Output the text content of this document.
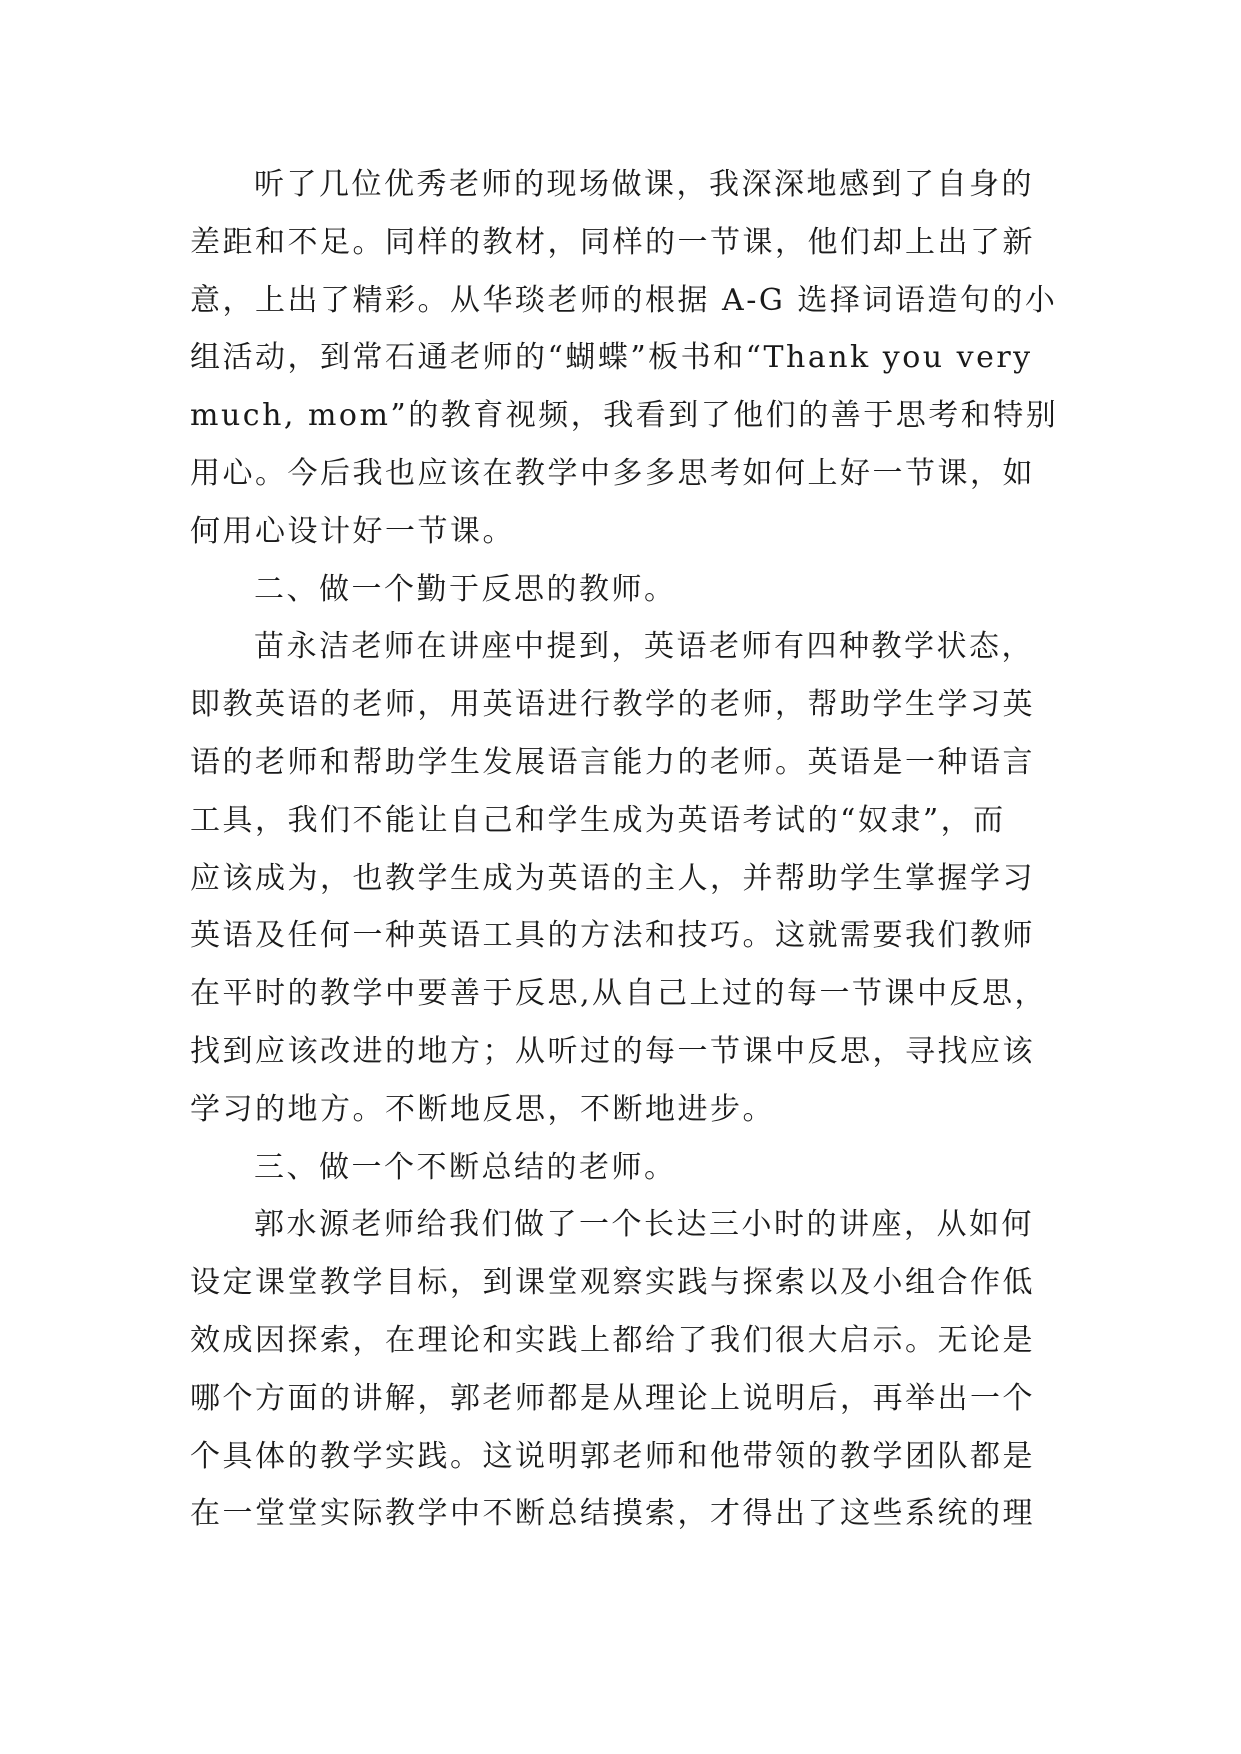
听了几位优秀老师的现场做课，我深深地感到了自身的
差距和不足。同样的教材，同样的一节课，他们却上出了新
意，上出了精彩。从华琰老师的根据 A-G 选择词语造句的小
组活动，到常石通老师的“蝴蝶”板书和“Thank you very
much, mom”的教育视频，我看到了他们的善于思考和特别
用心。今后我也应该在教学中多多思考如何上好一节课，如
何用心设计好一节课。
二、做一个勤于反思的教师。
苗永洁老师在讲座中提到，英语老师有四种教学状态，
即教英语的老师，用英语进行教学的老师，帮助学生学习英
语的老师和帮助学生发展语言能力的老师。英语是一种语言
工具，我们不能让自己和学生成为英语考试的“奴隶”，而
应该成为，也教学生成为英语的主人，并帮助学生掌握学习
英语及任何一种英语工具的方法和技巧。这就需要我们教师
在平时的教学中要善于反思,从自己上过的每一节课中反思，
找到应该改进的地方；从听过的每一节课中反思，寻找应该
学习的地方。不断地反思，不断地进步。
三、做一个不断总结的老师。
郭水源老师给我们做了一个长达三小时的讲座，从如何
设定课堂教学目标，到课堂观察实践与探索以及小组合作低
效成因探索，在理论和实践上都给了我们很大启示。无论是
哪个方面的讲解，郭老师都是从理论上说明后，再举出一个
个具体的教学实践。这说明郭老师和他带领的教学团队都是
在一堂堂实际教学中不断总结摸索，才得出了这些系统的理
